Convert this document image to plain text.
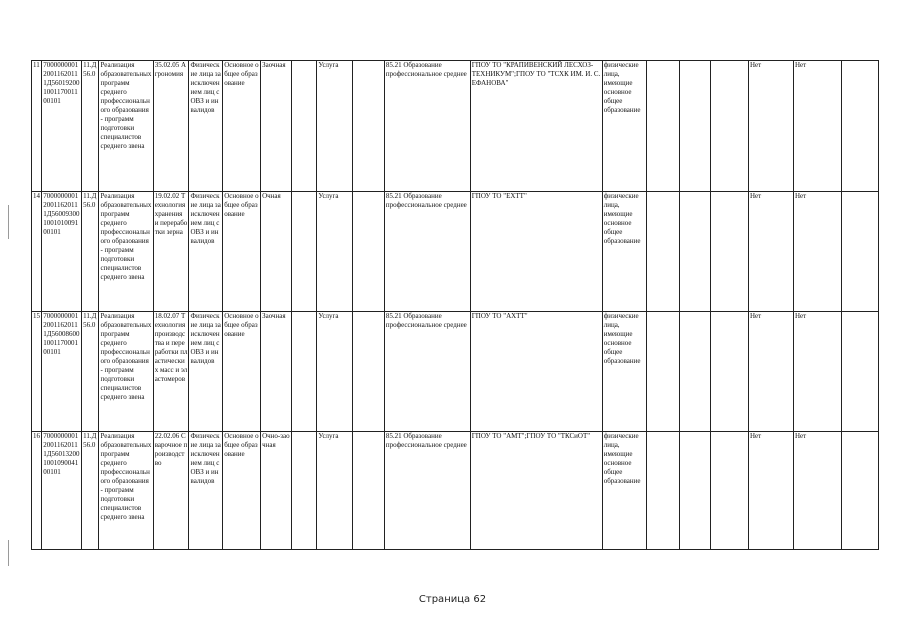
11	700000000120011620111Д56019200100117001100101	11.Д56.0	Реализация образовательных программ среднего профессионального образования - программ подготовки специалистов среднего звена	35.02.05 Агрономия	Физические лица за исключением лиц с ОВЗ и инвалидов	Основное общее образование	Заочная		Услуга		85.21 Образование профессиональное среднее	ГПОУ ТО "КРАПИВЕНСКИЙ ЛЕСХОЗ-ТЕХНИКУМ";ГПОУ ТО "ТСХК ИМ. И. С. ЕФАНОВА"	физические лица, имеющие основное общее образование				Нет	Нет	
14	700000000120011620111Д56009300100101009100101	11.Д56.0	Реализация образовательных программ среднего профессионального образования - программ подготовки специалистов среднего звена	19.02.02 Технология хранения и переработки зерна	Физические лица за исключением лиц с ОВЗ и инвалидов	Основное общее образование	Очная		Услуга		85.21 Образование профессиональное среднее	ГПОУ ТО "ЕХТТ"	физические лица, имеющие основное общее образование				Нет	Нет	
15	700000000120011620111Д56008600100117000100101	11.Д56.0	Реализация образовательных программ среднего профессионального образования - программ подготовки специалистов среднего звена	18.02.07 Технология производства и переработки пластических масс и эластомеров	Физические лица за исключением лиц с ОВЗ и инвалидов	Основное общее образование	Заочная		Услуга		85.21 Образование профессиональное среднее	ГПОУ ТО "АХТТ"	физические лица, имеющие основное общее образование				Нет	Нет	
16	700000000120011620111Д56013200100109004100101	11.Д56.0	Реализация образовательных программ среднего профессионального образования - программ подготовки специалистов среднего звена	22.02.06 Сварочное производство	Физические лица за исключением лиц с ОВЗ и инвалидов	Основное общее образование	Очно-заочная		Услуга		85.21 Образование профессиональное среднее	ГПОУ ТО "АМТ";ГПОУ ТО "ТКСиОТ"	физические лица, имеющие основное общее образование				Нет	Нет	
Страница 62
